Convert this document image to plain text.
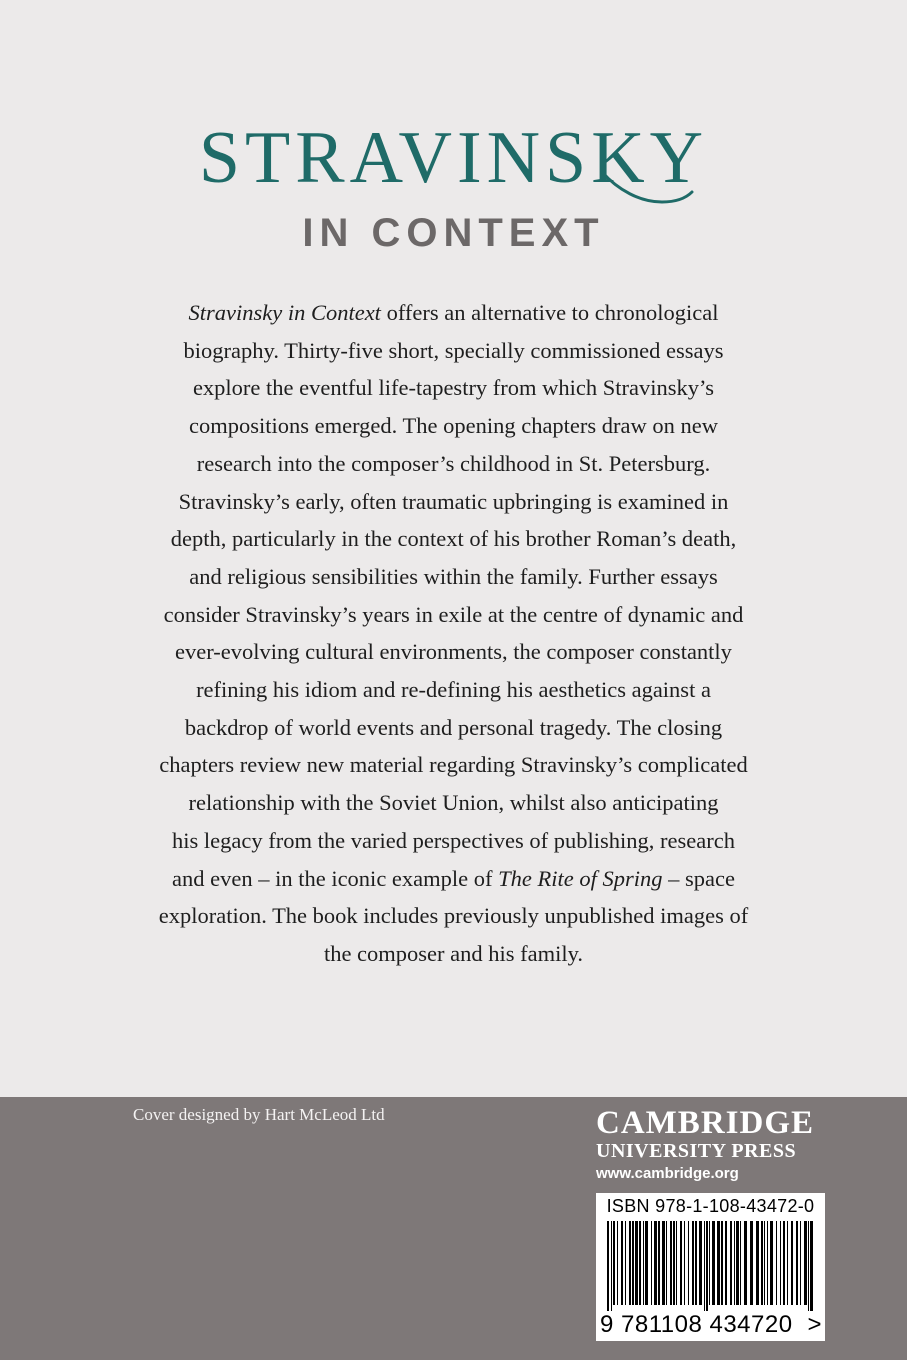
STRAVINSKY
IN CONTEXT
Stravinsky in Context offers an alternative to chronological
biography. Thirty-five short, specially commissioned essays
explore the eventful life-tapestry from which Stravinsky’s
compositions emerged. The opening chapters draw on new
research into the composer’s childhood in St. Petersburg.
Stravinsky’s early, often traumatic upbringing is examined in
depth, particularly in the context of his brother Roman’s death,
and religious sensibilities within the family. Further essays
consider Stravinsky’s years in exile at the centre of dynamic and
ever-evolving cultural environments, the composer constantly
refining his idiom and re-defining his aesthetics against a
backdrop of world events and personal tragedy. The closing
chapters review new material regarding Stravinsky’s complicated
relationship with the Soviet Union, whilst also anticipating
his legacy from the varied perspectives of publishing, research
and even – in the iconic example of The Rite of Spring – space
exploration. The book includes previously unpublished images of
the composer and his family.
Cover designed by Hart McLeod Ltd	CAMBRIDGE
UNIVERSITY PRESS
www.cambridge.org
ISBN 978-1-108-43472-0
9 781108 434720 >
